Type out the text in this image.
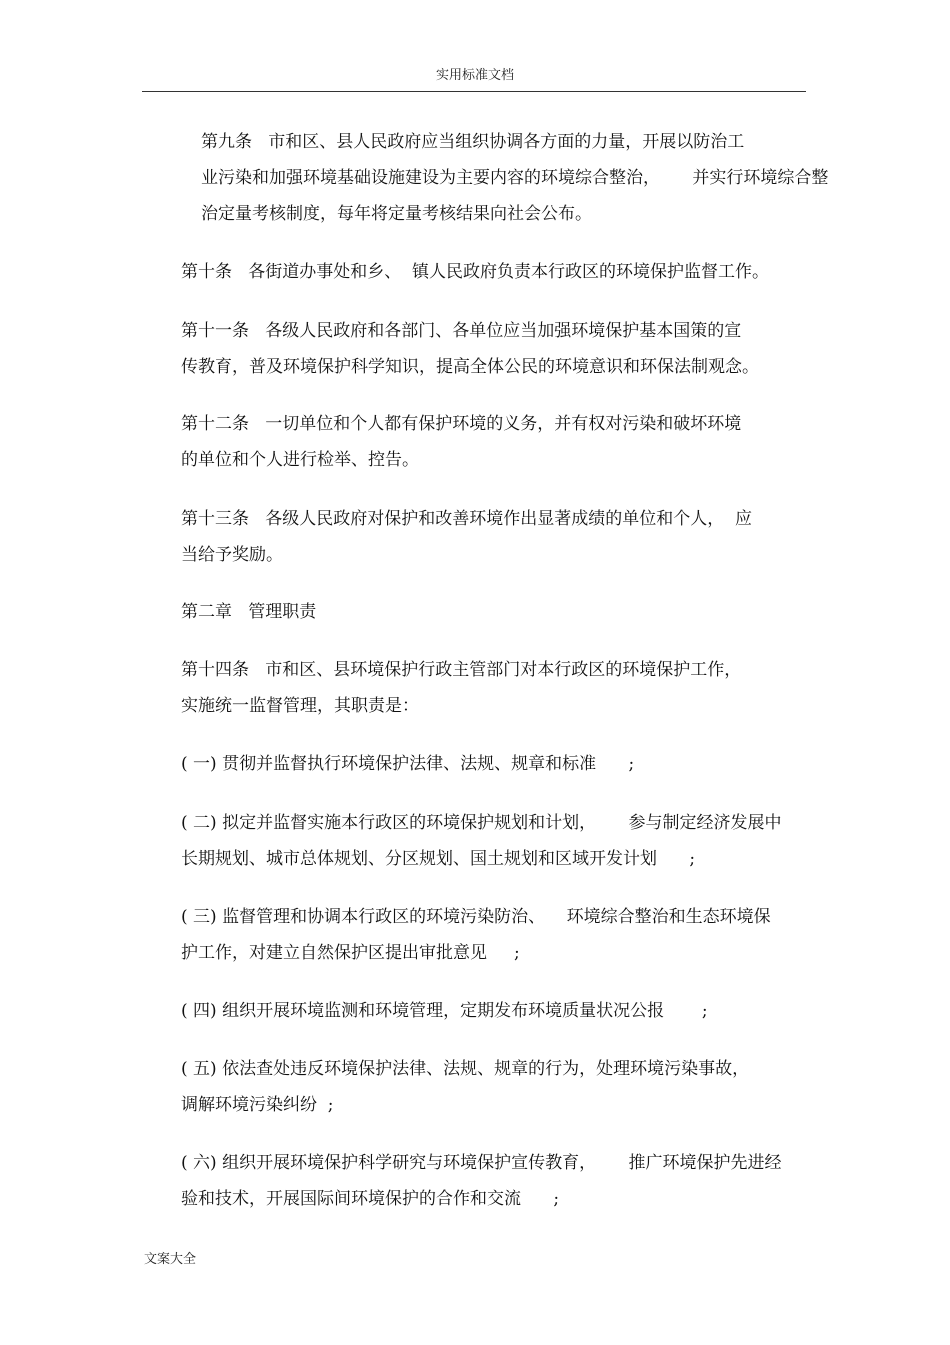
实用标准文档

第九条   市和区、县人民政府应当组织协调各方面的力量，开展以防治工
业污染和加强环境基础设施建设为主要内容的环境综合整治，      并实行环境综合整
治定量考核制度，每年将定量考核结果向社会公布。

第十条   各街道办事处和乡、  镇人民政府负责本行政区的环境保护监督工作。

第十一条   各级人民政府和各部门、各单位应当加强环境保护基本国策的宣
传教育，普及环境保护科学知识，提高全体公民的环境意识和环保法制观念。

第十二条   一切单位和个人都有保护环境的义务，并有权对污染和破坏环境
的单位和个人进行检举、控告。

第十三条   各级人民政府对保护和改善环境作出显著成绩的单位和个人，  应
当给予奖励。

第二章   管理职责

第十四条   市和区、县环境保护行政主管部门对本行政区的环境保护工作，
实施统一监督管理，其职责是：

( 一) 贯彻并监督执行环境保护法律、法规、规章和标准      ;

( 二) 拟定并监督实施本行政区的环境保护规划和计划，      参与制定经济发展中
长期规划、城市总体规划、分区规划、国土规划和区域开发计划      ;

( 三) 监督管理和协调本行政区的环境污染防治、    环境综合整治和生态环境保
护工作，对建立自然保护区提出审批意见     ;

( 四) 组织开展环境监测和环境管理，定期发布环境质量状况公报       ;

( 五) 依法查处违反环境保护法律、法规、规章的行为，处理环境污染事故，
调解环境污染纠纷  ;

( 六) 组织开展环境保护科学研究与环境保护宣传教育，      推广环境保护先进经
验和技术，开展国际间环境保护的合作和交流      ;

文案大全
